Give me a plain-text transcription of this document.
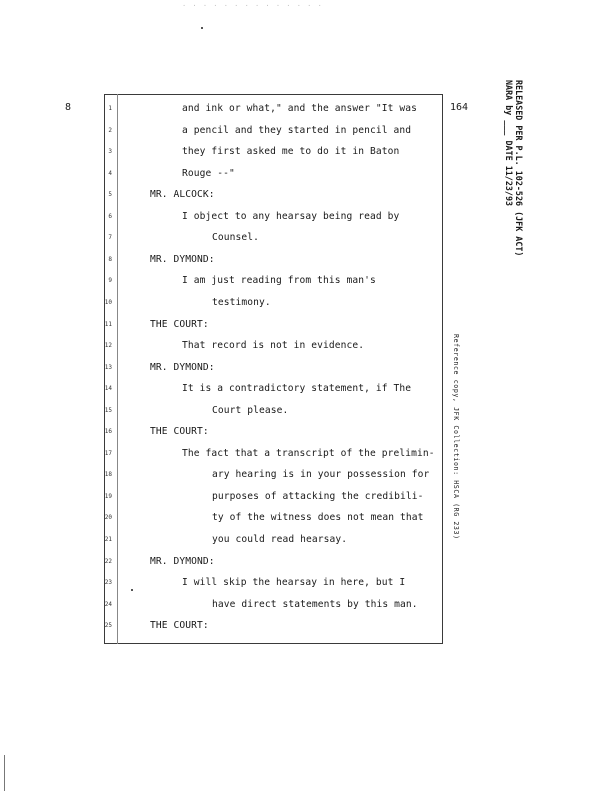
· · · · · · · · · · · · · ·
8	164
1	and ink or what," and the answer "It was
2	a pencil and they started in pencil and
3	they first asked me to do it in Baton
4	Rouge --"
5	MR. ALCOCK:
6	I object to any hearsay being read by
7	Counsel.
8	MR. DYMOND:
9	I am just reading from this man's
10	testimony.
11	THE COURT:
12	That record is not in evidence.
13	MR. DYMOND:
14	It is a contradictory statement, if The
15	Court please.
16	THE COURT:
17	The fact that a transcript of the prelimin-
18	ary hearing is in your possession for
19	purposes of attacking the credibili-
20	ty of the witness does not mean that
21	you could read hearsay.
22	MR. DYMOND:
23	I will skip the hearsay in here, but I
24	have direct statements by this man.
25	THE COURT:
RELEASED PER P.L. 102-526 (JFK ACT)
NARA by ___ DATE 11/23/93
Reference copy, JFK Collection: HSCA (RG 233)
